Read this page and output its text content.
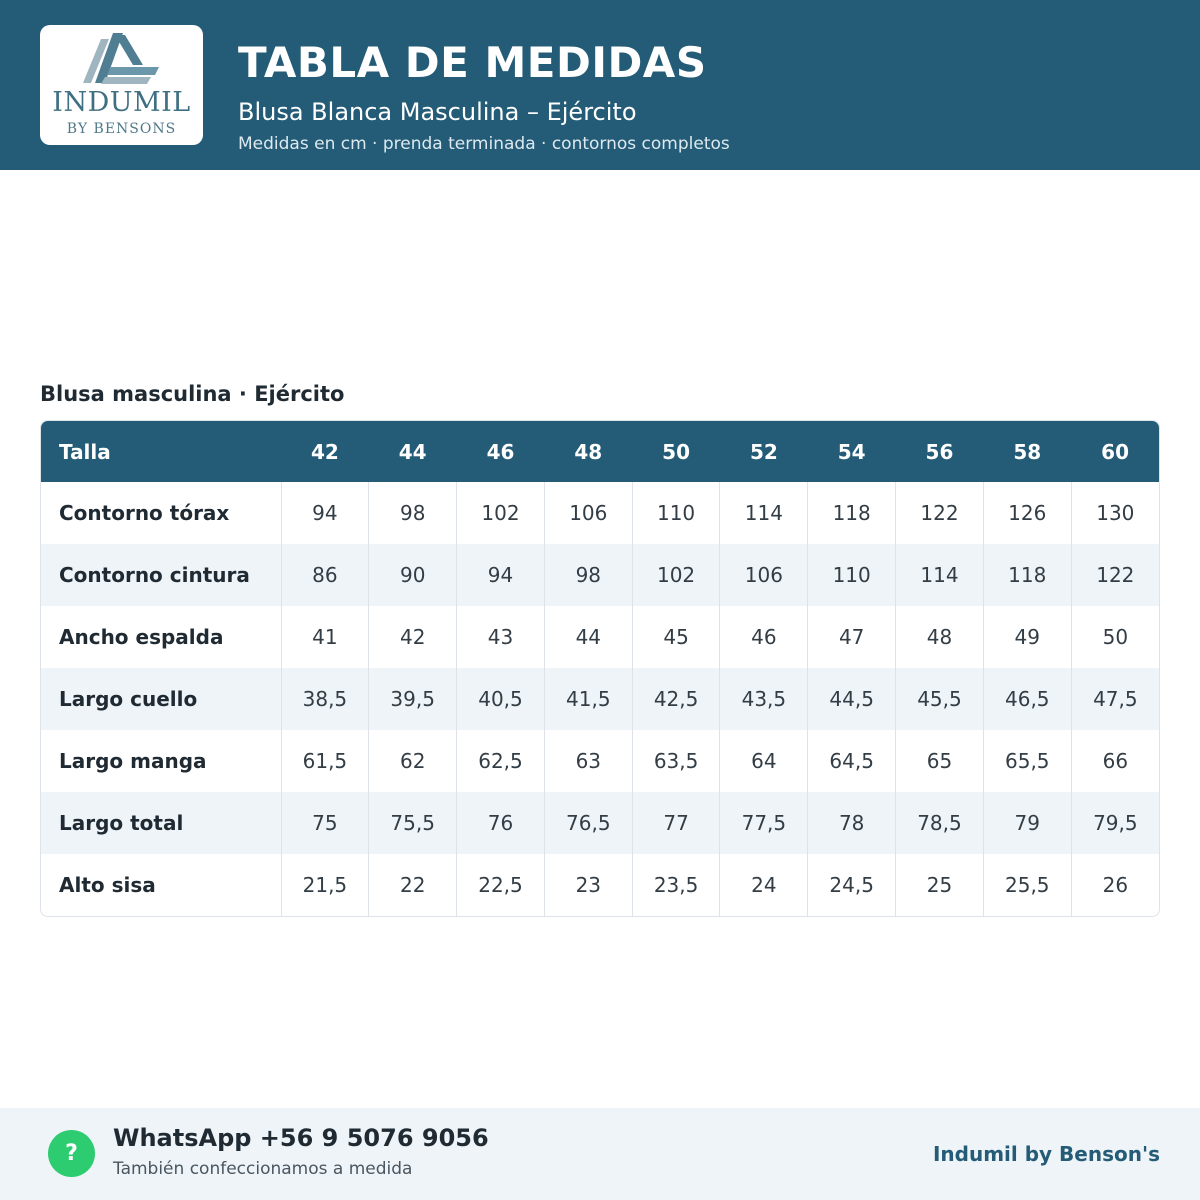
INDUMIL
BY BENSONS
TABLA DE MEDIDAS
Blusa Blanca Masculina – Ejército
Medidas en cm · prenda terminada · contornos completos
Blusa masculina · Ejército
Talla	42	44	46	48	50	52	54	56	58	60
Contorno tórax	94	98	102	106	110	114	118	122	126	130
Contorno cintura	86	90	94	98	102	106	110	114	118	122
Ancho espalda	41	42	43	44	45	46	47	48	49	50
Largo cuello	38,5	39,5	40,5	41,5	42,5	43,5	44,5	45,5	46,5	47,5
Largo manga	61,5	62	62,5	63	63,5	64	64,5	65	65,5	66
Largo total	75	75,5	76	76,5	77	77,5	78	78,5	79	79,5
Alto sisa	21,5	22	22,5	23	23,5	24	24,5	25	25,5	26
?
WhatsApp +56 9 5076 9056
También confeccionamos a medida
Indumil by Benson's
